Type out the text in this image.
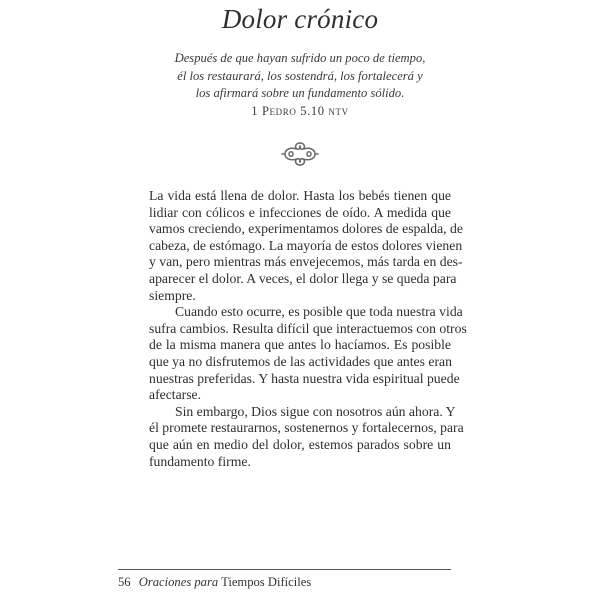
Dolor crónico
Después de que hayan sufrido un poco de tiempo,
él los restaurará, los sostendrá, los fortalecerá y
los afirmará sobre un fundamento sólido.
1 Pedro 5.10 ntv
La vida está llena de dolor. Hasta los bebés tienen que
lidiar con cólicos e infecciones de oído. A medida que
vamos creciendo, experimentamos dolores de espalda, de
cabeza, de estómago. La mayoría de estos dolores vienen
y van, pero mientras más envejecemos, más tarda en des-
aparecer el dolor. A veces, el dolor llega y se queda para
siempre.
Cuando esto ocurre, es posible que toda nuestra vida
sufra cambios. Resulta difícil que interactuemos con otros
de la misma manera que antes lo hacíamos. Es posible
que ya no disfrutemos de las actividades que antes eran
nuestras preferidas. Y hasta nuestra vida espiritual puede
afectarse.
Sin embargo, Dios sigue con nosotros aún ahora. Y
él promete restaurarnos, sostenernos y fortalecernos, para
que aún en medio del dolor, estemos parados sobre un
fundamento firme.
56 Oraciones para Tiempos Difíciles
